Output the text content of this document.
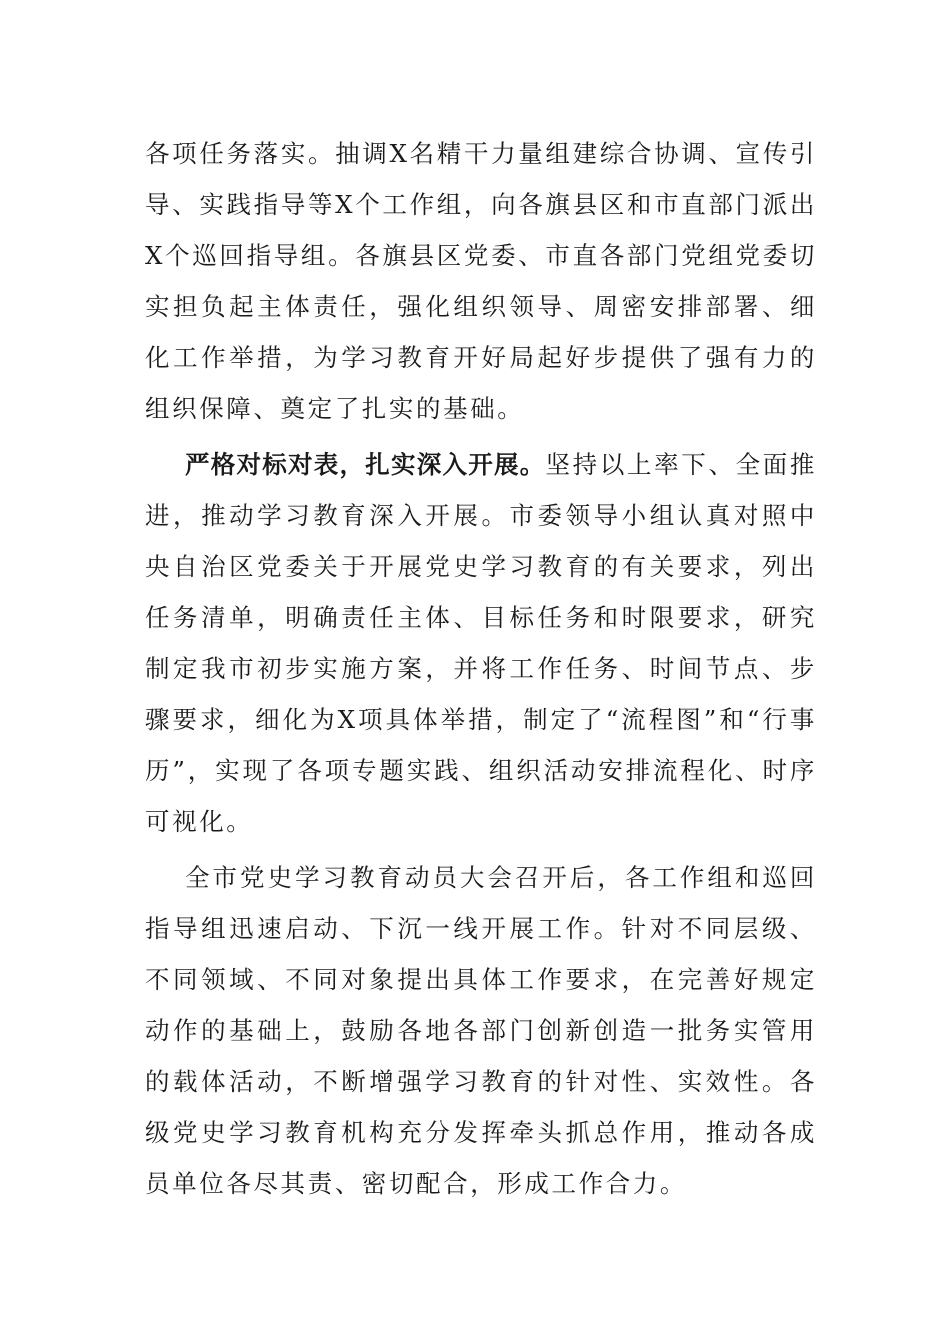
各项任务落实。抽调X名精干力量组建综合协调、宣传引导、实践指导等X个工作组，向各旗县区和市直部门派出X个巡回指导组。各旗县区党委、市直各部门党组党委切实担负起主体责任，强化组织领导、周密安排部署、细化工作举措，为学习教育开好局起好步提供了强有力的组织保障、奠定了扎实的基础。

严格对标对表，扎实深入开展。坚持以上率下、全面推进，推动学习教育深入开展。市委领导小组认真对照中央自治区党委关于开展党史学习教育的有关要求，列出任务清单，明确责任主体、目标任务和时限要求，研究制定我市初步实施方案，并将工作任务、时间节点、步骤要求，细化为X项具体举措，制定了“流程图”和“行事历”，实现了各项专题实践、组织活动安排流程化、时序可视化。

全市党史学习教育动员大会召开后，各工作组和巡回指导组迅速启动、下沉一线开展工作。针对不同层级、不同领域、不同对象提出具体工作要求，在完善好规定动作的基础上，鼓励各地各部门创新创造一批务实管用的载体活动，不断增强学习教育的针对性、实效性。各级党史学习教育机构充分发挥牵头抓总作用，推动各成员单位各尽其责、密切配合，形成工作合力。
